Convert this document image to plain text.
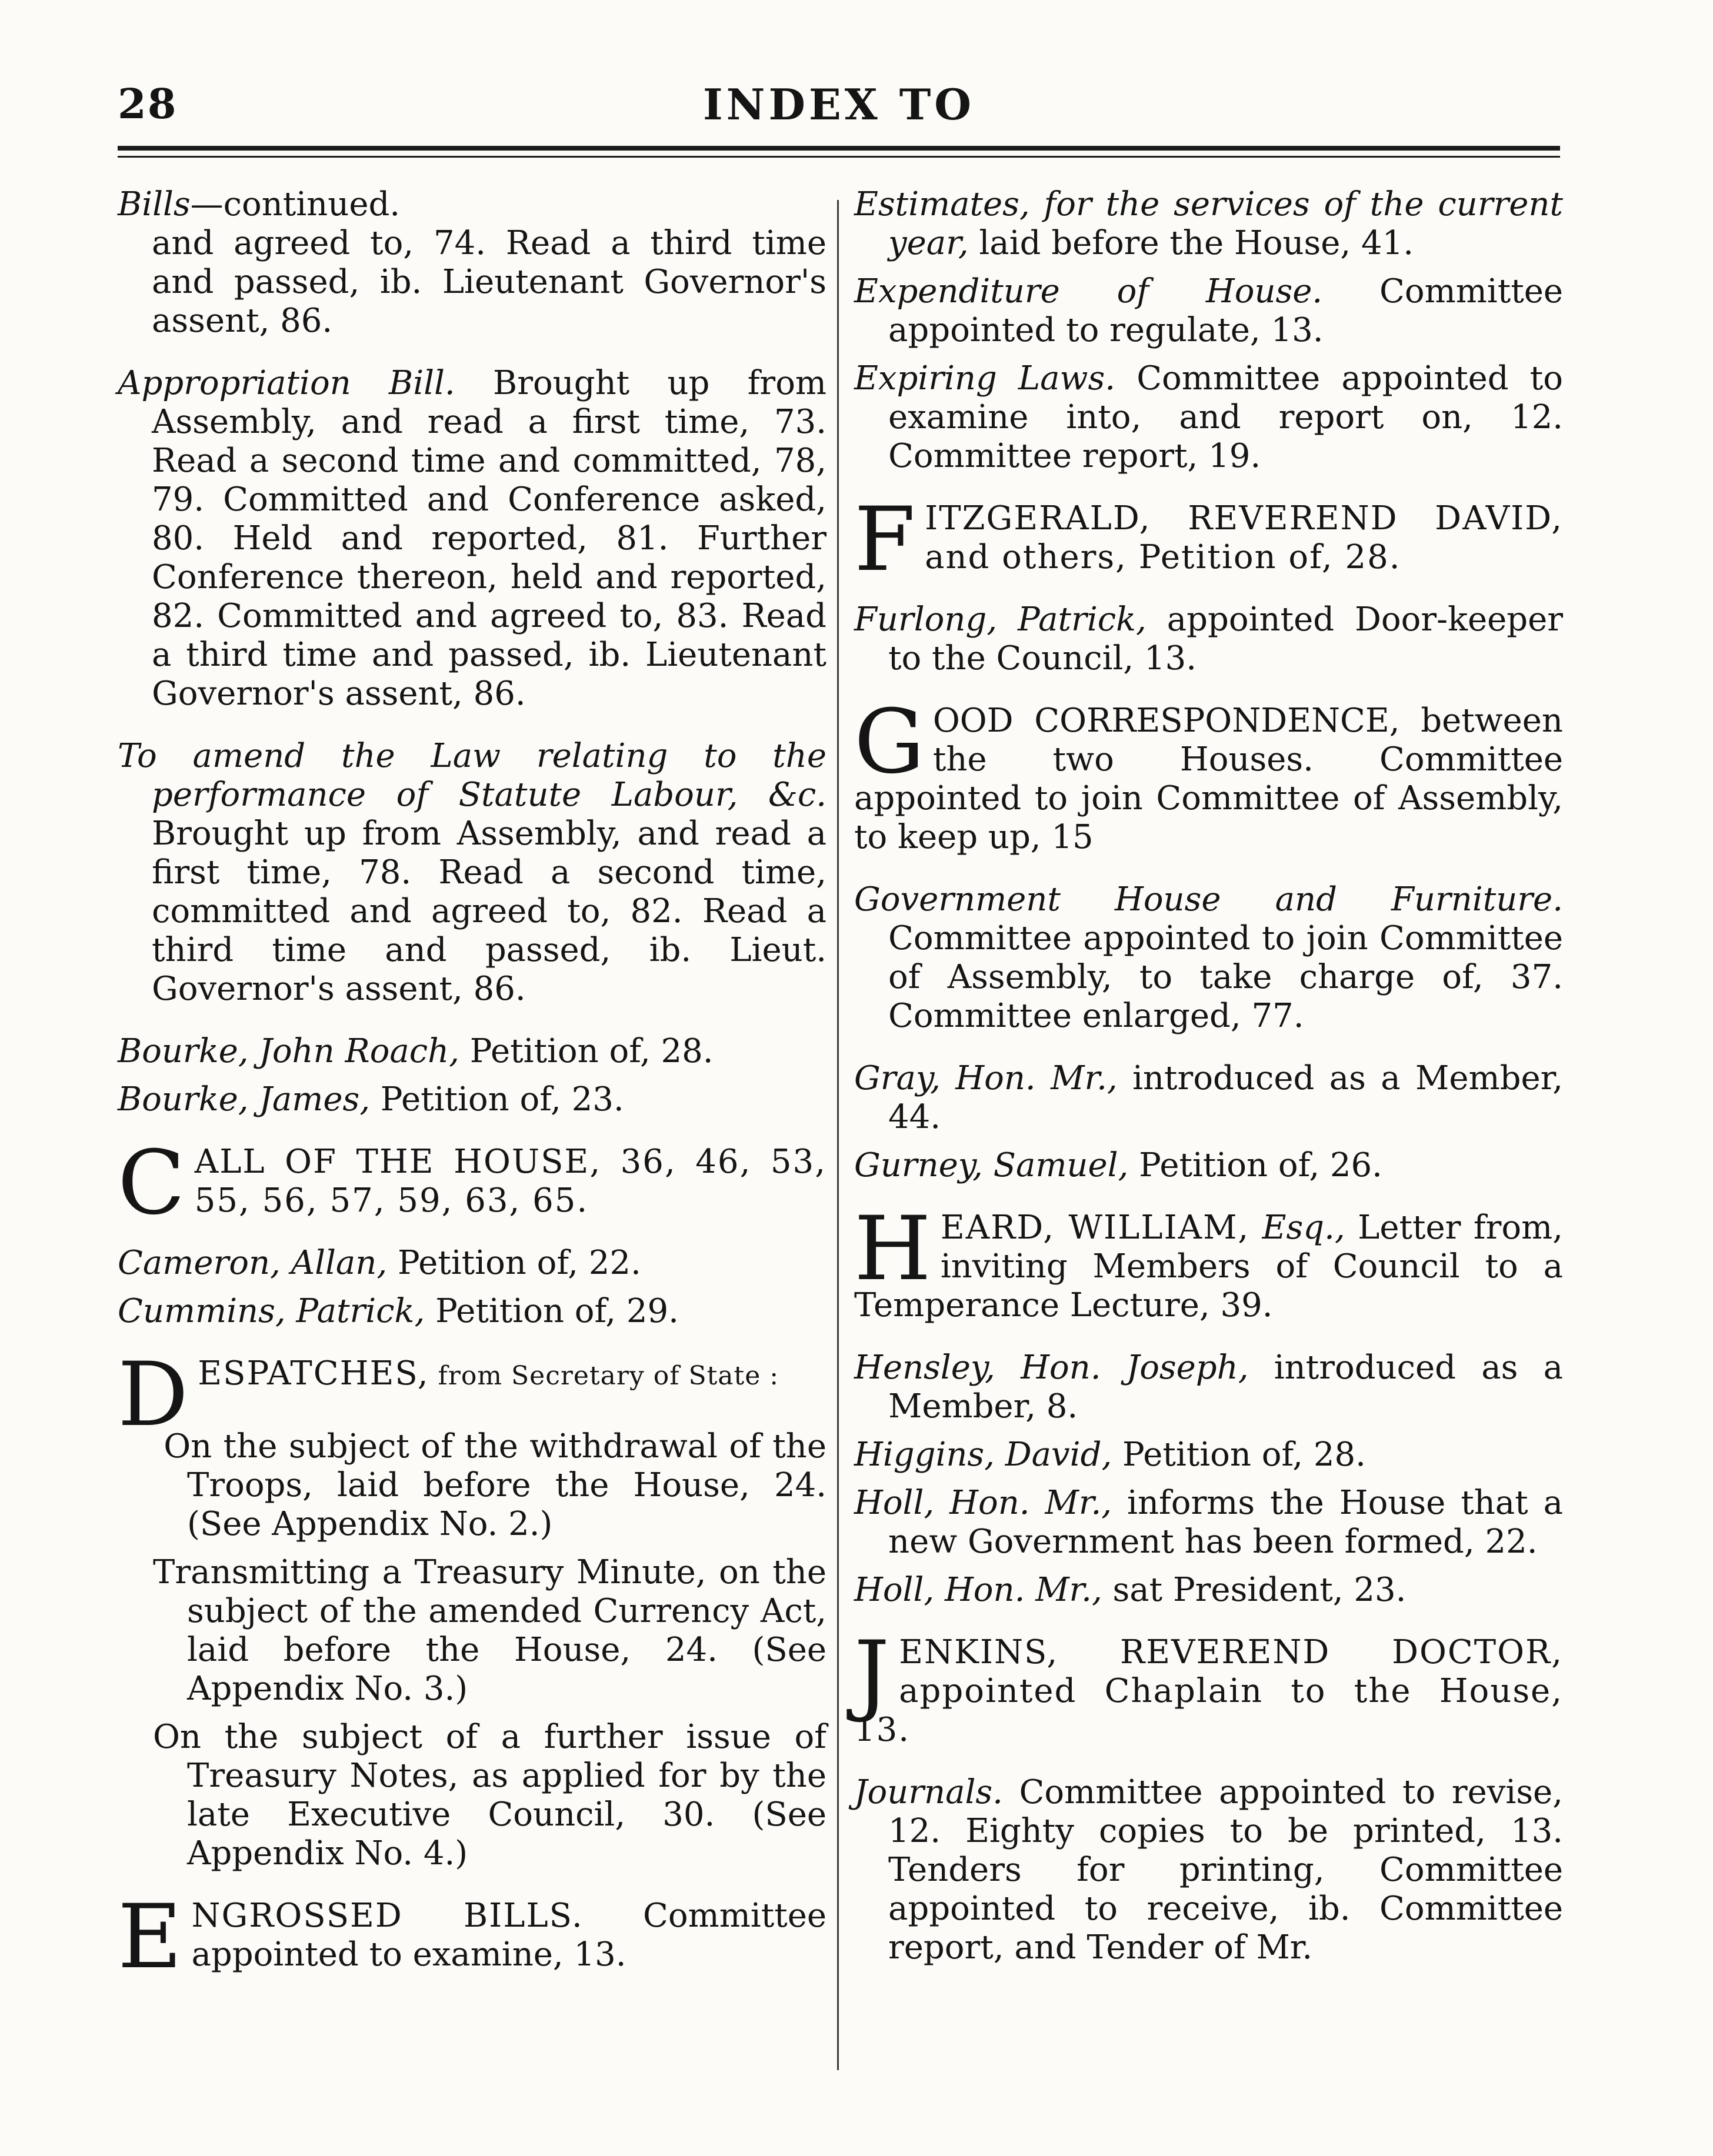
28	INDEX TO
Bills—continued.
and agreed to, 74. Read a third time and passed, ib. Lieutenant Governor's assent, 86.
Appropriation Bill. Brought up from Assembly, and read a first time, 73. Read a second time and committed, 78, 79. Committed and Conference asked, 80. Held and reported, 81. Further Conference thereon, held and reported, 82. Committed and agreed to, 83. Read a third time and passed, ib. Lieutenant Governor's assent, 86.
To amend the Law relating to the performance of Statute Labour, &c. Brought up from Assembly, and read a first time, 78. Read a second time, committed and agreed to, 82. Read a third time and passed, ib. Lieut. Governor's assent, 86.
Bourke, John Roach, Petition of, 28.
Bourke, James, Petition of, 23.
CALL OF THE HOUSE, 36, 46, 53, 55, 56, 57, 59, 63, 65.
Cameron, Allan, Petition of, 22.
Cummins, Patrick, Petition of, 29.
DESPATCHES, from Secretary of State :
On the subject of the withdrawal of the Troops, laid before the House, 24. (See Appendix No. 2.)
Transmitting a Treasury Minute, on the subject of the amended Currency Act, laid before the House, 24. (See Appendix No. 3.)
On the subject of a further issue of Treasury Notes, as applied for by the late Executive Council, 30. (See Appendix No. 4.)
ENGROSSED BILLS. Committee appointed to examine, 13.
Estimates, for the services of the current year, laid before the House, 41.
Expenditure of House. Committee appointed to regulate, 13.
Expiring Laws. Committee appointed to examine into, and report on, 12. Committee report, 19.
FITZGERALD, REVEREND DAVID, and others, Petition of, 28.
Furlong, Patrick, appointed Door-keeper to the Council, 13.
GOOD CORRESPONDENCE, between the two Houses. Committee appointed to join Committee of Assembly, to keep up, 15
Government House and Furniture. Committee appointed to join Committee of Assembly, to take charge of, 37. Committee enlarged, 77.
Gray, Hon. Mr., introduced as a Member, 44.
Gurney, Samuel, Petition of, 26.
HEARD, WILLIAM, Esq., Letter from, inviting Members of Council to a Temperance Lecture, 39.
Hensley, Hon. Joseph, introduced as a Member, 8.
Higgins, David, Petition of, 28.
Holl, Hon. Mr., informs the House that a new Government has been formed, 22.
Holl, Hon. Mr., sat President, 23.
JENKINS, REVEREND DOCTOR, appointed Chaplain to the House, 13.
Journals. Committee appointed to revise, 12. Eighty copies to be printed, 13. Tenders for printing, Committee appointed to receive, ib. Committee report, and Tender of Mr.
